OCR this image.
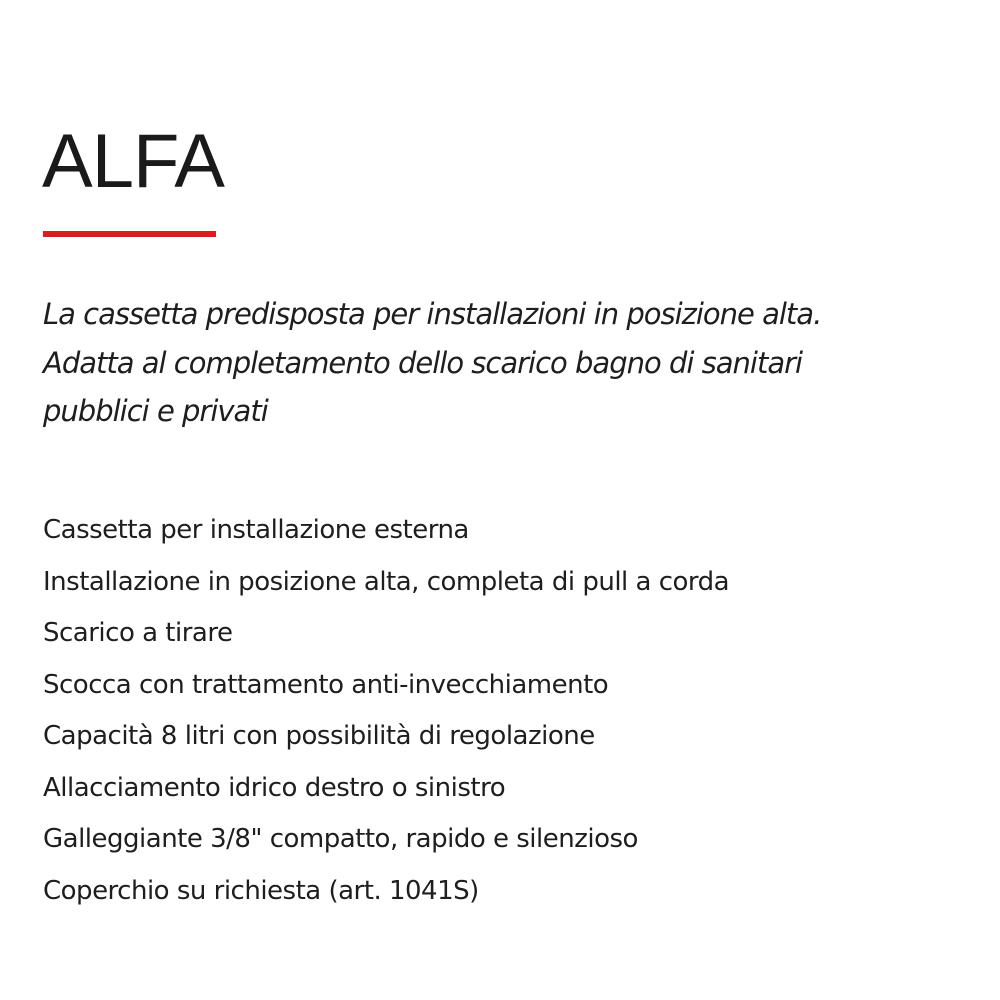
ALFA

La cassetta predisposta per installazioni in posizione alta.
Adatta al completamento dello scarico bagno di sanitari
pubblici e privati

Cassetta per installazione esterna
Installazione in posizione alta, completa di pull a corda
Scarico a tirare
Scocca con trattamento anti-invecchiamento
Capacità 8 litri con possibilità di regolazione
Allacciamento idrico destro o sinistro
Galleggiante 3/8" compatto, rapido e silenzioso
Coperchio su richiesta (art. 1041S)
